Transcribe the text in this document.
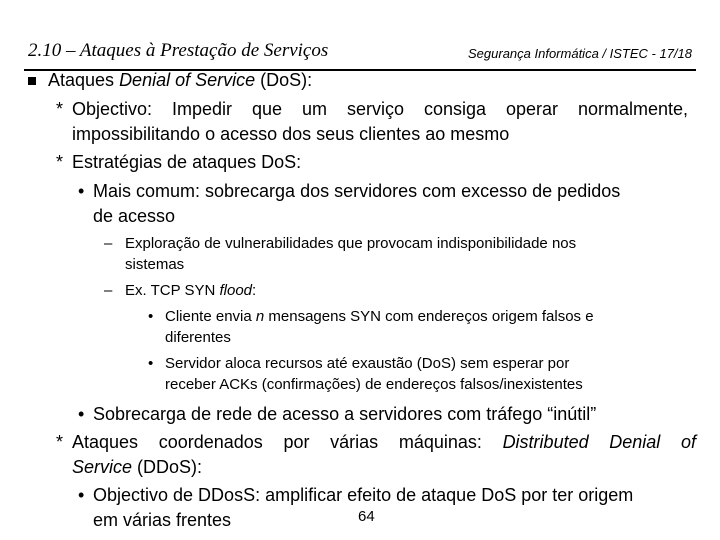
2.10 – Ataques à Prestação de Serviços	Segurança Informática / ISTEC - 17/18
Ataques Denial of Service (DoS):
* Objectivo: Impedir que um serviço consiga operar normalmente,
impossibilitando o acesso dos seus clientes ao mesmo
* Estratégias de ataques DoS:
• Mais comum: sobrecarga dos servidores com excesso de pedidos
de acesso
– Exploração de vulnerabilidades que provocam indisponibilidade nos
sistemas
– Ex. TCP SYN flood:
• Cliente envia n mensagens SYN com endereços origem falsos e
diferentes
• Servidor aloca recursos até exaustão (DoS) sem esperar por
receber ACKs (confirmações) de endereços falsos/inexistentes
• Sobrecarga de rede de acesso a servidores com tráfego “inútil”
* Ataques coordenados por várias máquinas: Distributed Denial of
Service (DDoS):
• Objectivo de DDosS: amplificar efeito de ataque DoS por ter origem
em várias frentes	64
